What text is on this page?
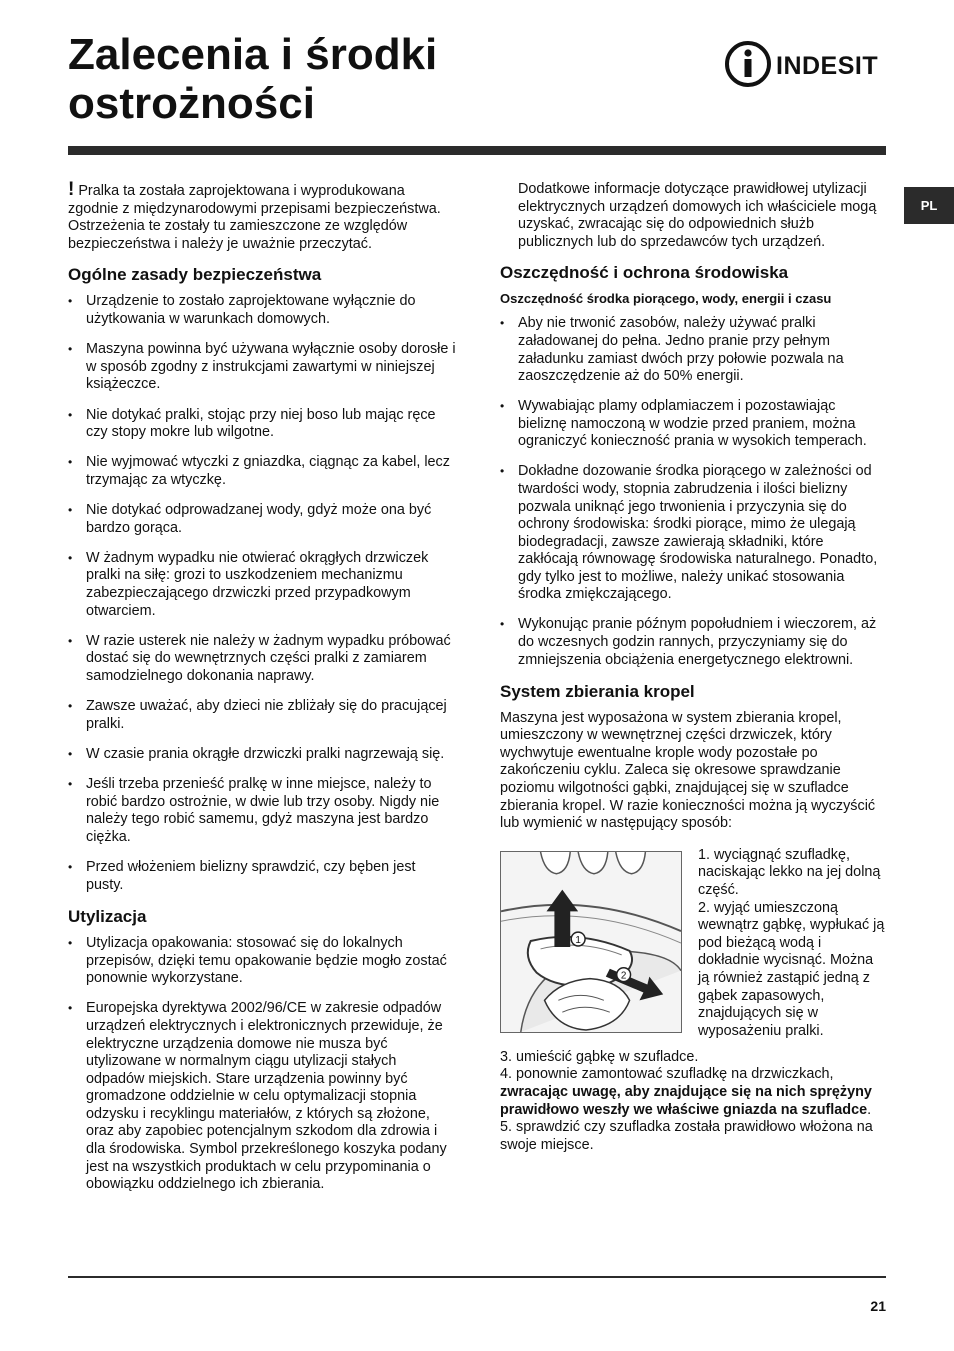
Zalecenia i środki
ostrożności
INDESIT
PL

! Pralka ta została zaprojektowana i wyprodukowana zgodnie z międzynarodowymi przepisami bezpieczeństwa. Ostrzeżenia te zostały tu zamieszczone ze względów bezpieczeństwa i należy je uważnie przeczytać.

Ogólne zasady bezpieczeństwa
• Urządzenie to zostało zaprojektowane wyłącznie do użytkowania w warunkach domowych.
• Maszyna powinna być używana wyłącznie osoby dorosłe i w sposób zgodny z instrukcjami zawartymi w niniejszej książeczce.
• Nie dotykać pralki, stojąc przy niej boso lub mając ręce czy stopy mokre lub wilgotne.
• Nie wyjmować wtyczki z gniazdka, ciągnąc za kabel, lecz trzymając za wtyczkę.
• Nie dotykać odprowadzanej wody, gdyż może ona być bardzo gorąca.
• W żadnym wypadku nie otwierać okrągłych drzwiczek pralki na siłę: grozi to uszkodzeniem mechanizmu zabezpieczającego drzwiczki przed przypadkowym otwarciem.
• W razie usterek nie należy w żadnym wypadku próbować dostać się do wewnętrznych części pralki z zamiarem samodzielnego dokonania naprawy.
• Zawsze uważać, aby dzieci nie zbliżały się do pracującej pralki.
• W czasie prania okrągłe drzwiczki pralki nagrzewają się.
• Jeśli trzeba przenieść pralkę w inne miejsce, należy to robić bardzo ostrożnie, w dwie lub trzy osoby. Nigdy nie należy tego robić samemu, gdyż maszyna jest bardzo ciężka.
• Przed włożeniem bielizny sprawdzić, czy bęben jest pusty.
Utylizacja
• Utylizacja opakowania: stosować się do lokalnych przepisów, dzięki temu opakowanie będzie mogło zostać ponownie wykorzystane.
• Europejska dyrektywa 2002/96/CE w zakresie odpadów urządzeń elektrycznych i elektronicznych przewiduje, że elektryczne urządzenia domowe nie musza być utylizowane w normalnym ciągu utylizacji stałych odpadów miejskich. Stare urządzenia powinny być gromadzone oddzielnie w celu optymalizacji stopnia odzysku i recyklingu materiałów, z których są złożone, oraz aby zapobiec potencjalnym szkodom dla zdrowia i dla środowiska. Symbol przekreślonego koszyka podany jest na wszystkich produktach w celu przypominania o obowiązku oddzielnego ich zbierania.

Dodatkowe informacje dotyczące prawidłowej utylizacji elektrycznych urządzeń domowych ich właściciele mogą uzyskać, zwracając się do odpowiednich służb publicznych lub do sprzedawców tych urządzeń.

Oszczędność i ochrona środowiska
Oszczędność środka piorącego, wody, energii i czasu
• Aby nie trwonić zasobów, należy używać pralki załadowanej do pełna. Jedno pranie przy pełnym załadunku zamiast dwóch przy połowie pozwala na zaoszczędzenie aż do 50% energii.
• Wywabiając plamy odplamiaczem i pozostawiając bieliznę namoczoną w wodzie przed praniem, można ograniczyć konieczność prania w wysokich temperach.
• Dokładne dozowanie środka piorącego w zależności od twardości wody, stopnia zabrudzenia i ilości bielizny pozwala uniknąć jego trwonienia i przyczynia się do ochrony środowiska: środki piorące, mimo że ulegają biodegradacji, zawsze zawierają składniki, które zakłócają równowagę środowiska naturalnego. Ponadto, gdy tylko jest to możliwe, należy unikać stosowania środka zmiękczającego.
• Wykonując pranie późnym popołudniem i wieczorem, aż do wczesnych godzin rannych, przyczyniamy się do zmniejszenia obciążenia energetycznego elektrowni.
System zbierania kropel

Maszyna jest wyposażona w system zbierania kropel, umieszczony w wewnętrznej części drzwiczek, który wychwytuje ewentualne krople wody pozostałe po zakończeniu cyklu. Zaleca się okresowe sprawdzanie poziomu wilgotności gąbki, znajdującej się w szufladce zbierania kropel. W razie konieczności można ją wyczyścić lub wymienić w następujący sposób:

1
2

1. wyciągnąć szufladkę, naciskając lekko na jej dolną część.

2. wyjąć umieszczoną wewnątrz gąbkę, wypłukać ją pod bieżącą wodą i dokładnie wycisnąć. Można ją również zastąpić jedną z gąbek zapasowych, znajdujących się w wyposażeniu pralki.

3. umieścić gąbkę w szufladce.

4. ponownie zamontować szufladkę na drzwiczkach, zwracając uwagę, aby znajdujące się na nich sprężyny prawidłowo weszły we właściwe gniazda na szufladce.

5. sprawdzić czy szufladka została prawidłowo włożona na swoje miejsce.

21
